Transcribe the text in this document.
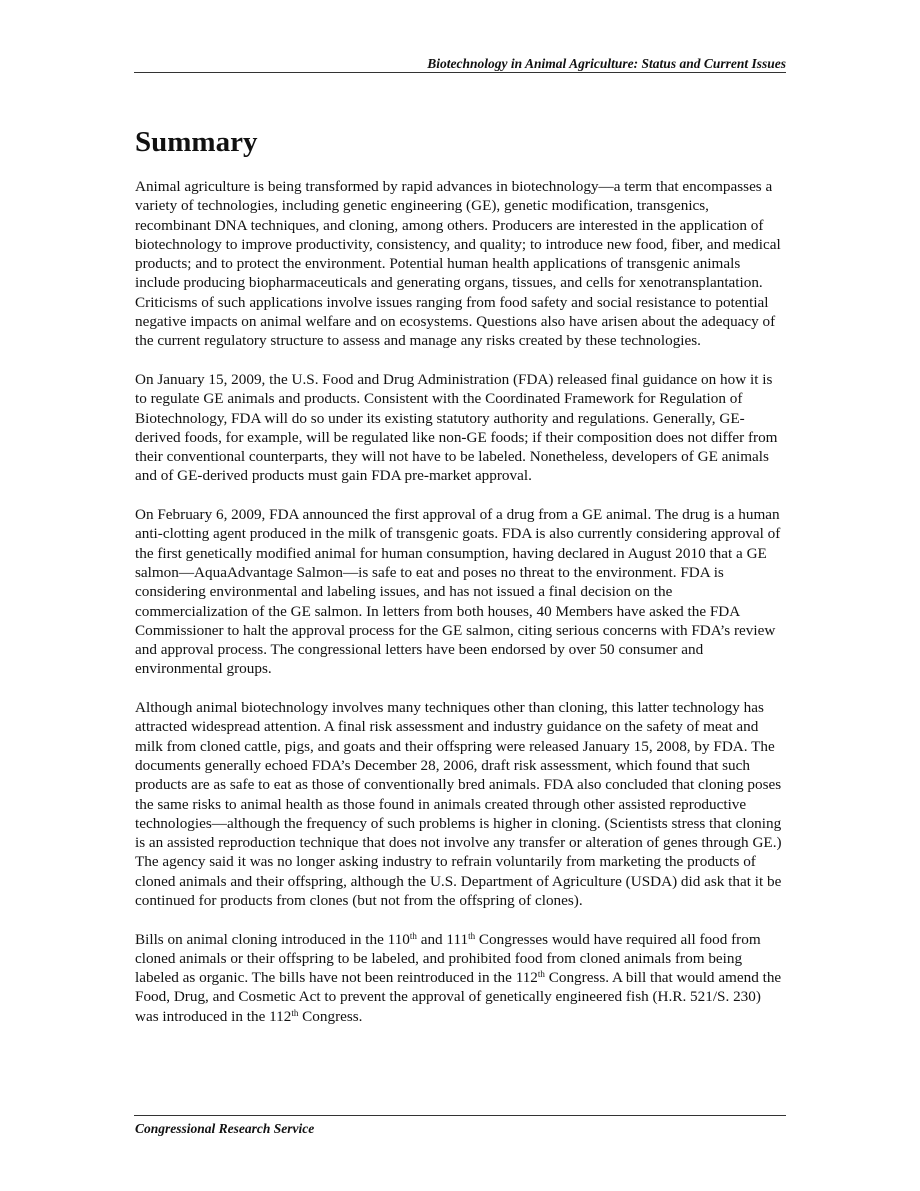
Biotechnology in Animal Agriculture: Status and Current Issues
Summary

Animal agriculture is being transformed by rapid advances in biotechnology—a term that encompasses a variety of technologies, including genetic engineering (GE), genetic modification, transgenics, recombinant DNA techniques, and cloning, among others. Producers are interested in the application of biotechnology to improve productivity, consistency, and quality; to introduce new food, fiber, and medical products; and to protect the environment. Potential human health applications of transgenic animals include producing biopharmaceuticals and generating organs, tissues, and cells for xenotransplantation. Criticisms of such applications involve issues ranging from food safety and social resistance to potential negative impacts on animal welfare and on ecosystems. Questions also have arisen about the adequacy of the current regulatory structure to assess and manage any risks created by these technologies.

On January 15, 2009, the U.S. Food and Drug Administration (FDA) released final guidance on how it is to regulate GE animals and products. Consistent with the Coordinated Framework for Regulation of Biotechnology, FDA will do so under its existing statutory authority and regulations. Generally, GE-derived foods, for example, will be regulated like non-GE foods; if their composition does not differ from their conventional counterparts, they will not have to be labeled. Nonetheless, developers of GE animals and of GE-derived products must gain FDA pre-market approval.

On February 6, 2009, FDA announced the first approval of a drug from a GE animal. The drug is a human anti-clotting agent produced in the milk of transgenic goats. FDA is also currently considering approval of the first genetically modified animal for human consumption, having declared in August 2010 that a GE salmon—AquaAdvantage Salmon—is safe to eat and poses no threat to the environment. FDA is considering environmental and labeling issues, and has not issued a final decision on the commercialization of the GE salmon. In letters from both houses, 40 Members have asked the FDA Commissioner to halt the approval process for the GE salmon, citing serious concerns with FDA’s review and approval process. The congressional letters have been endorsed by over 50 consumer and environmental groups.

Although animal biotechnology involves many techniques other than cloning, this latter technology has attracted widespread attention. A final risk assessment and industry guidance on the safety of meat and milk from cloned cattle, pigs, and goats and their offspring were released January 15, 2008, by FDA. The documents generally echoed FDA’s December 28, 2006, draft risk assessment, which found that such products are as safe to eat as those of conventionally bred animals. FDA also concluded that cloning poses the same risks to animal health as those found in animals created through other assisted reproductive technologies—although the frequency of such problems is higher in cloning. (Scientists stress that cloning is an assisted reproduction technique that does not involve any transfer or alteration of genes through GE.) The agency said it was no longer asking industry to refrain voluntarily from marketing the products of cloned animals and their offspring, although the U.S. Department of Agriculture (USDA) did ask that it be continued for products from clones (but not from the offspring of clones).

Bills on animal cloning introduced in the 110th and 111th Congresses would have required all food from cloned animals or their offspring to be labeled, and prohibited food from cloned animals from being labeled as organic. The bills have not been reintroduced in the 112th Congress. A bill that would amend the Food, Drug, and Cosmetic Act to prevent the approval of genetically engineered fish (H.R. 521/S. 230) was introduced in the 112th Congress.

Congressional Research Service
